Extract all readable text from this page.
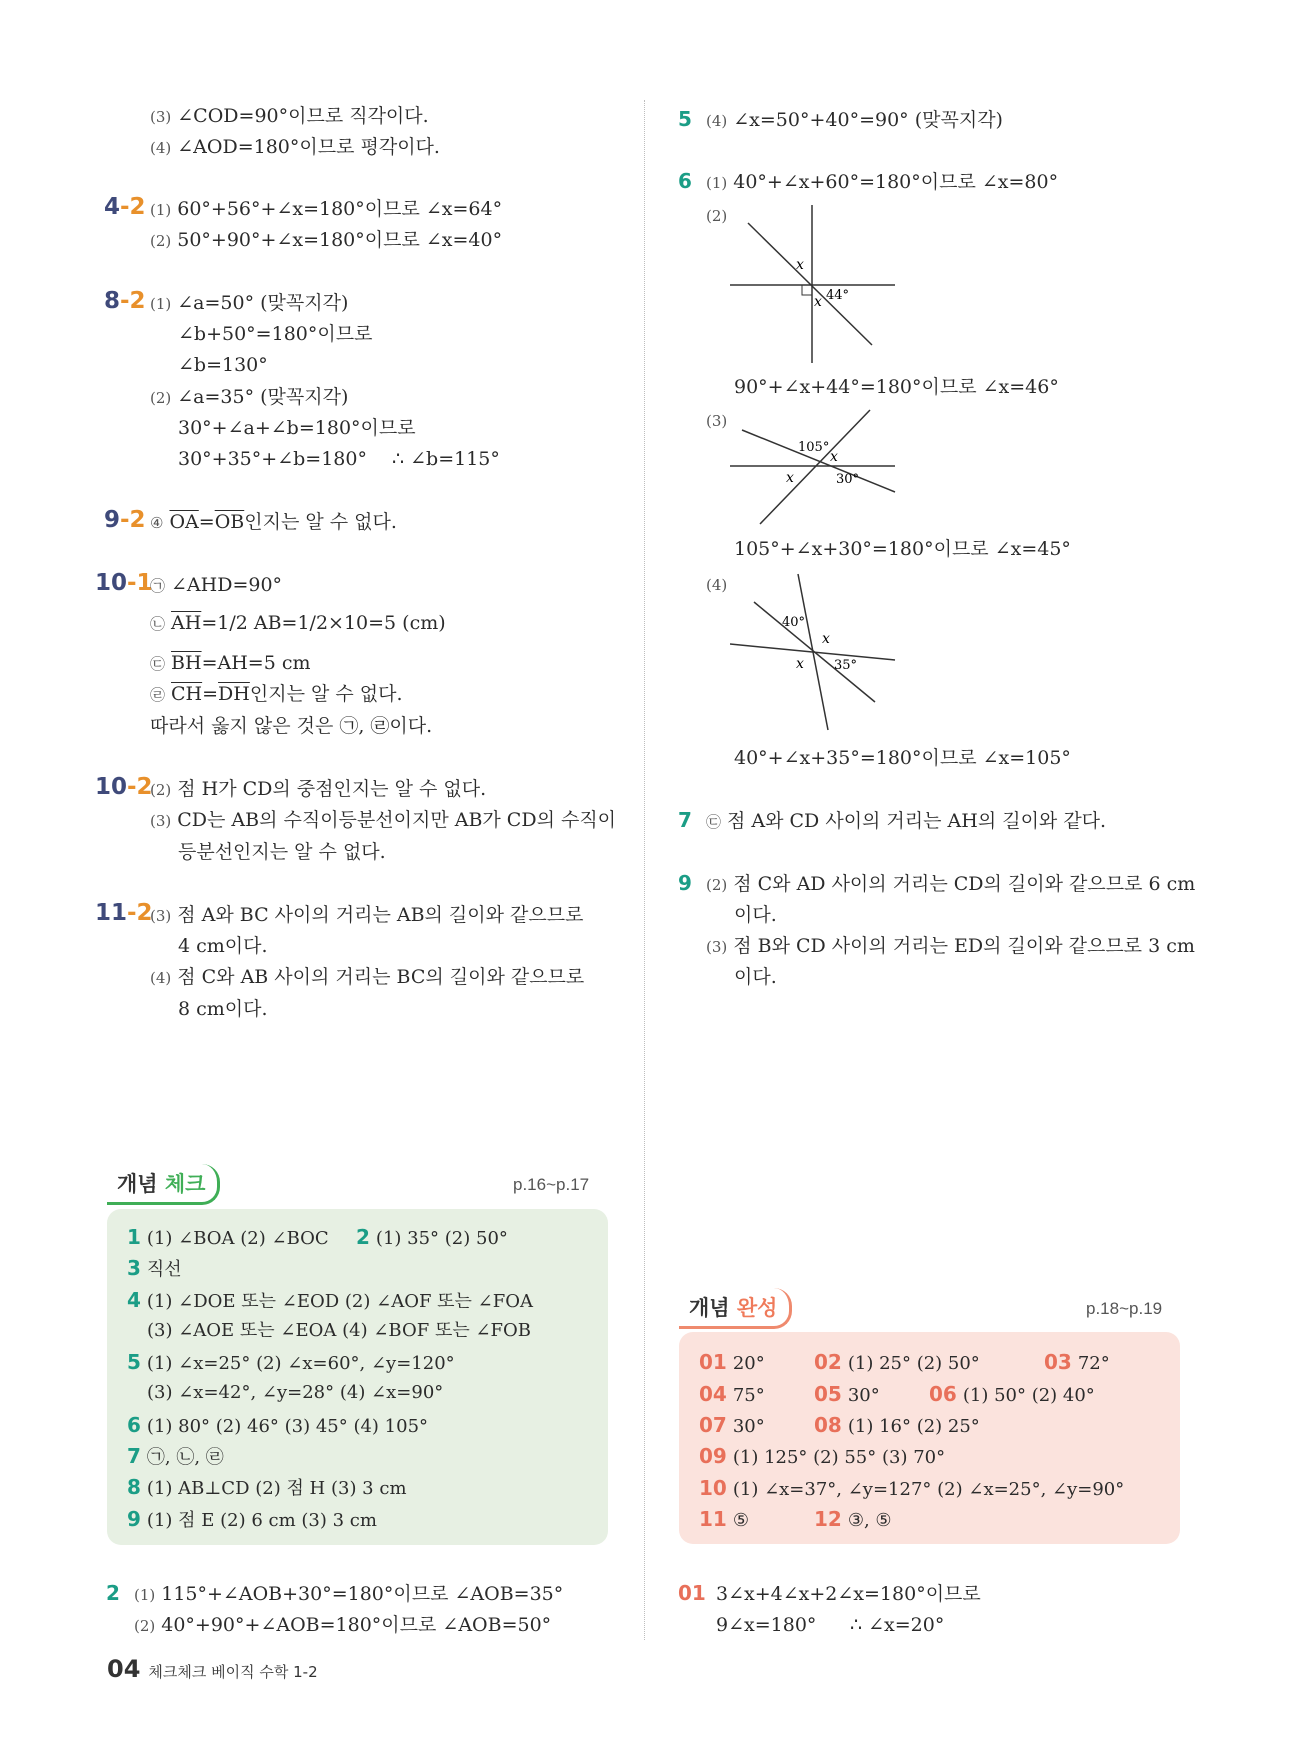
(3) ∠COD=90°이므로 직각이다.
(4) ∠AOD=180°이므로 평각이다.
4-2 (1) 60°+56°+∠x=180°이므로 ∠x=64°
(2) 50°+90°+∠x=180°이므로 ∠x=40°
8-2 (1) ∠a=50° (맞꼭지각)
∠b+50°=180°이므로
∠b=130°
(2) ∠a=35° (맞꼭지각)
30°+∠a+∠b=180°이므로
30°+35°+∠b=180° ∴ ∠b=115°
9-2 ④ $\overline{OA}=\overline{OB}$인지는 알 수 없다.
10-1
㉠ ∠AHD=90°
㉡ $\overline{AH}=1/2$ AB=1/2×10=5 (cm)
㉢ $\overline{BH}=AH=5$ cm
㉣ $\overline{CH}=\overline{DH}$인지는 알 수 없다.
따라서 옳지 않은 것은 ㉠, ㉣이다.
10-2
(2) 점 H가 CD의 중점인지는 알 수 없다.
(3) CD는 AB의 수직이등분선이지만 AB가 CD의 수직이
등분선인지는 알 수 없다.
11-2
(3) 점 A와 BC 사이의 거리는 AB의 길이와 같으므로
4 cm이다.
(4) 점 C와 AB 사이의 거리는 BC의 길이와 같으므로
8 cm이다.
5 (4) ∠x=50°+40°=90° (맞꼭지각)
6 (1) 40°+∠x+60°=180°이므로 ∠x=80°
(2)
x
x 44°
90°+∠x+44°=180°이므로 ∠x=46°
(3)
105°
x
x	30°
105°+∠x+30°=180°이므로 ∠x=45°
(4)
40°
x
x 35°
40°+∠x+35°=180°이므로 ∠x=105°
7 ㉢ 점 A와 CD 사이의 거리는 AH의 길이와 같다.
9 (2) 점 C와 AD 사이의 거리는 CD의 길이와 같으므로 6 cm
이다.
(3) 점 B와 CD 사이의 거리는 ED의 길이와 같으므로 3 cm
이다.
개념 체크	p.16~p.17
1 (1) ∠BOA (2) ∠BOC 2 (1) 35° (2) 50°
3 직선
4 (1) ∠DOE 또는 ∠EOD (2) ∠AOF 또는 ∠FOA
(3) ∠AOE 또는 ∠EOA (4) ∠BOF 또는 ∠FOB
5 (1) ∠x=25° (2) ∠x=60°, ∠y=120°
(3) ∠x=42°, ∠y=28° (4) ∠x=90°
6 (1) 80° (2) 46° (3) 45° (4) 105°
7 ㉠, ㉡, ㉣
8 (1) AB⊥CD (2) 점 H (3) 3 cm
9 (1) 점 E (2) 6 cm (3) 3 cm
개념 완성	p.18~p.19
01 20° 02 (1) 25° (2) 50°	03 72°
04 75° 05 30° 06 (1) 50° (2) 40°
07 30° 08 (1) 16° (2) 25°
09 (1) 125° (2) 55° (3) 70°
10 (1) ∠x=37°, ∠y=127° (2) ∠x=25°, ∠y=90°
11 ⑤	12 ③, ⑤
2 (1) 115°+∠AOB+30°=180°이므로 ∠AOB=35°
(2) 40°+90°+∠AOB=180°이므로 ∠AOB=50°
01 3∠x+4∠x+2∠x=180°이므로
9∠x=180° ∴ ∠x=20°
04 체크체크 베이직 수학 1-2
